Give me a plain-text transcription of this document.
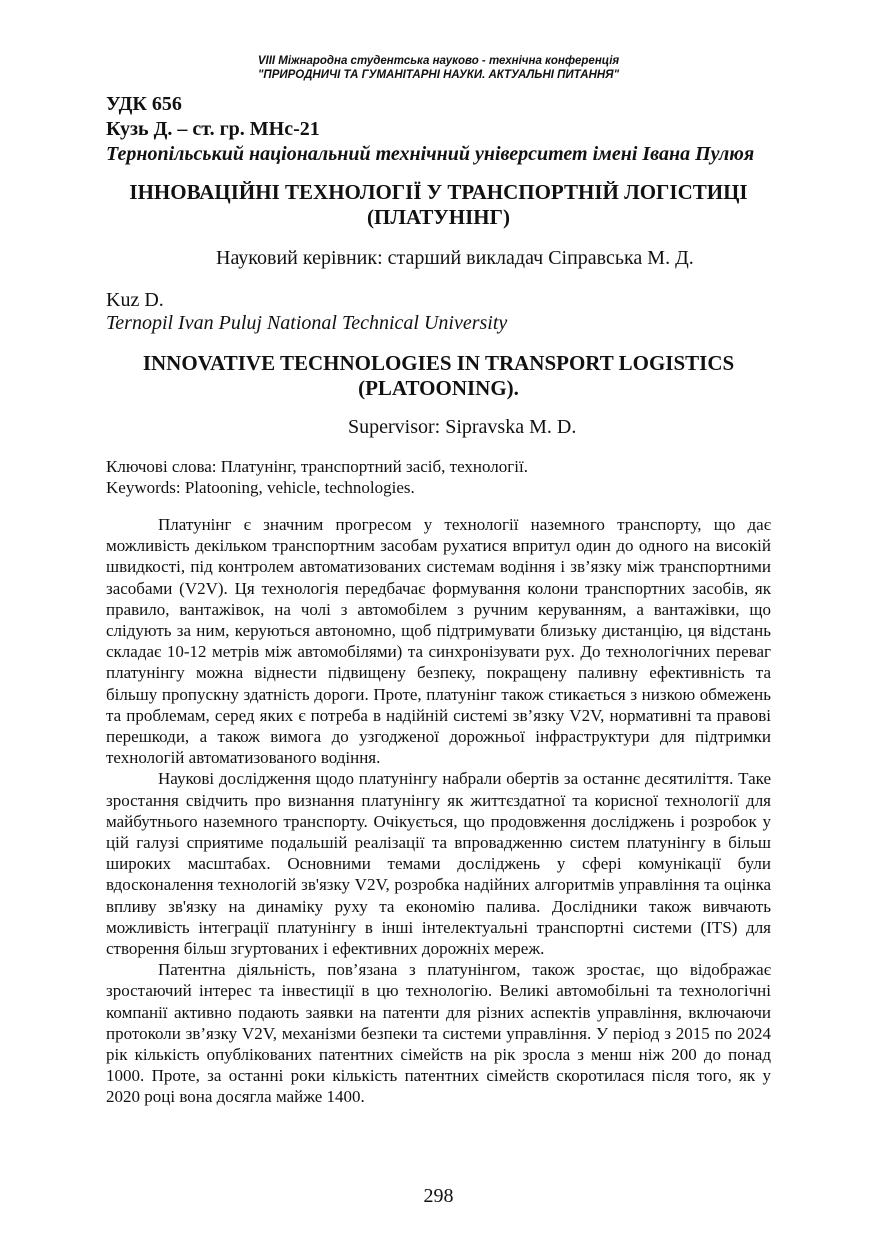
VIII Міжнародна студентська науково - технічна конференція
"ПРИРОДНИЧІ ТА ГУМАНІТАРНІ НАУКИ. АКТУАЛЬНІ ПИТАННЯ"
УДК 656
Кузь Д. – ст. гр. МНс-21
Тернопільський національний технічний університет імені Івана Пулюя
ІННОВАЦІЙНІ ТЕХНОЛОГІЇ У ТРАНСПОРТНІЙ ЛОГІСТИЦІ (ПЛАТУНІНГ)
Науковий керівник: старший викладач Сіправська М. Д.
Kuz D.
Ternopil Ivan Puluj National Technical University
INNOVATIVE TECHNOLOGIES IN TRANSPORT LOGISTICS (PLATOONING).
Supervisor: Sipravska M. D.
Ключові слова: Платунінг, транспортний засіб, технології.
Keywords: Platooning, vehicle, technologies.

Платунінг є значним прогресом у технології наземного транспорту, що дає можливість декільком транспортним засобам рухатися впритул один до одного на високій швидкості, під контролем автоматизованих системам водіння і зв’язку між транспортними засобами (V2V). Ця технологія передбачає формування колони транспортних засобів, як правило, вантажівок, на чолі з автомобілем з ручним керуванням, а вантажівки, що слідують за ним, керуються автономно, щоб підтримувати близьку дистанцію, ця відстань складає 10-12 метрів між автомобілями) та синхронізувати рух. До технологічних переваг платунінгу можна віднести підвищену безпеку, покращену паливну ефективність та більшу пропускну здатність дороги. Проте, платунінг також стикається з низкою обмежень та проблемам, серед яких є потреба в надійній системі зв’язку V2V, нормативні та правові перешкоди, а також вимога до узгодженої дорожньої інфраструктури для підтримки технологій автоматизованого водіння.

Наукові дослідження щодо платунінгу набрали обертів за останнє десятиліття. Таке зростання свідчить про визнання платунінгу як життєздатної та корисної технології для майбутнього наземного транспорту. Очікується, що продовження досліджень і розробок у цій галузі сприятиме подальшій реалізації та впровадженню систем платунінгу в більш широких масштабах. Основними темами досліджень у сфері комунікації були вдосконалення технологій зв'язку V2V, розробка надійних алгоритмів управління та оцінка впливу зв'язку на динаміку руху та економію палива. Дослідники також вивчають можливість інтеграції платунінгу в інші інтелектуальні транспортні системи (ITS) для створення більш згуртованих і ефективних дорожніх мереж.

Патентна діяльність, пов’язана з платунінгом, також зростає, що відображає зростаючий інтерес та інвестиції в цю технологію. Великі автомобільні та технологічні компанії активно подають заявки на патенти для різних аспектів управління, включаючи протоколи зв’язку V2V, механізми безпеки та системи управління. У період з 2015 по 2024 рік кількість опублікованих патентних сімейств на рік зросла з менш ніж 200 до понад 1000. Проте, за останні роки кількість патентних сімейств скоротилася після того, як у 2020 році вона досягла майже 1400.

298
